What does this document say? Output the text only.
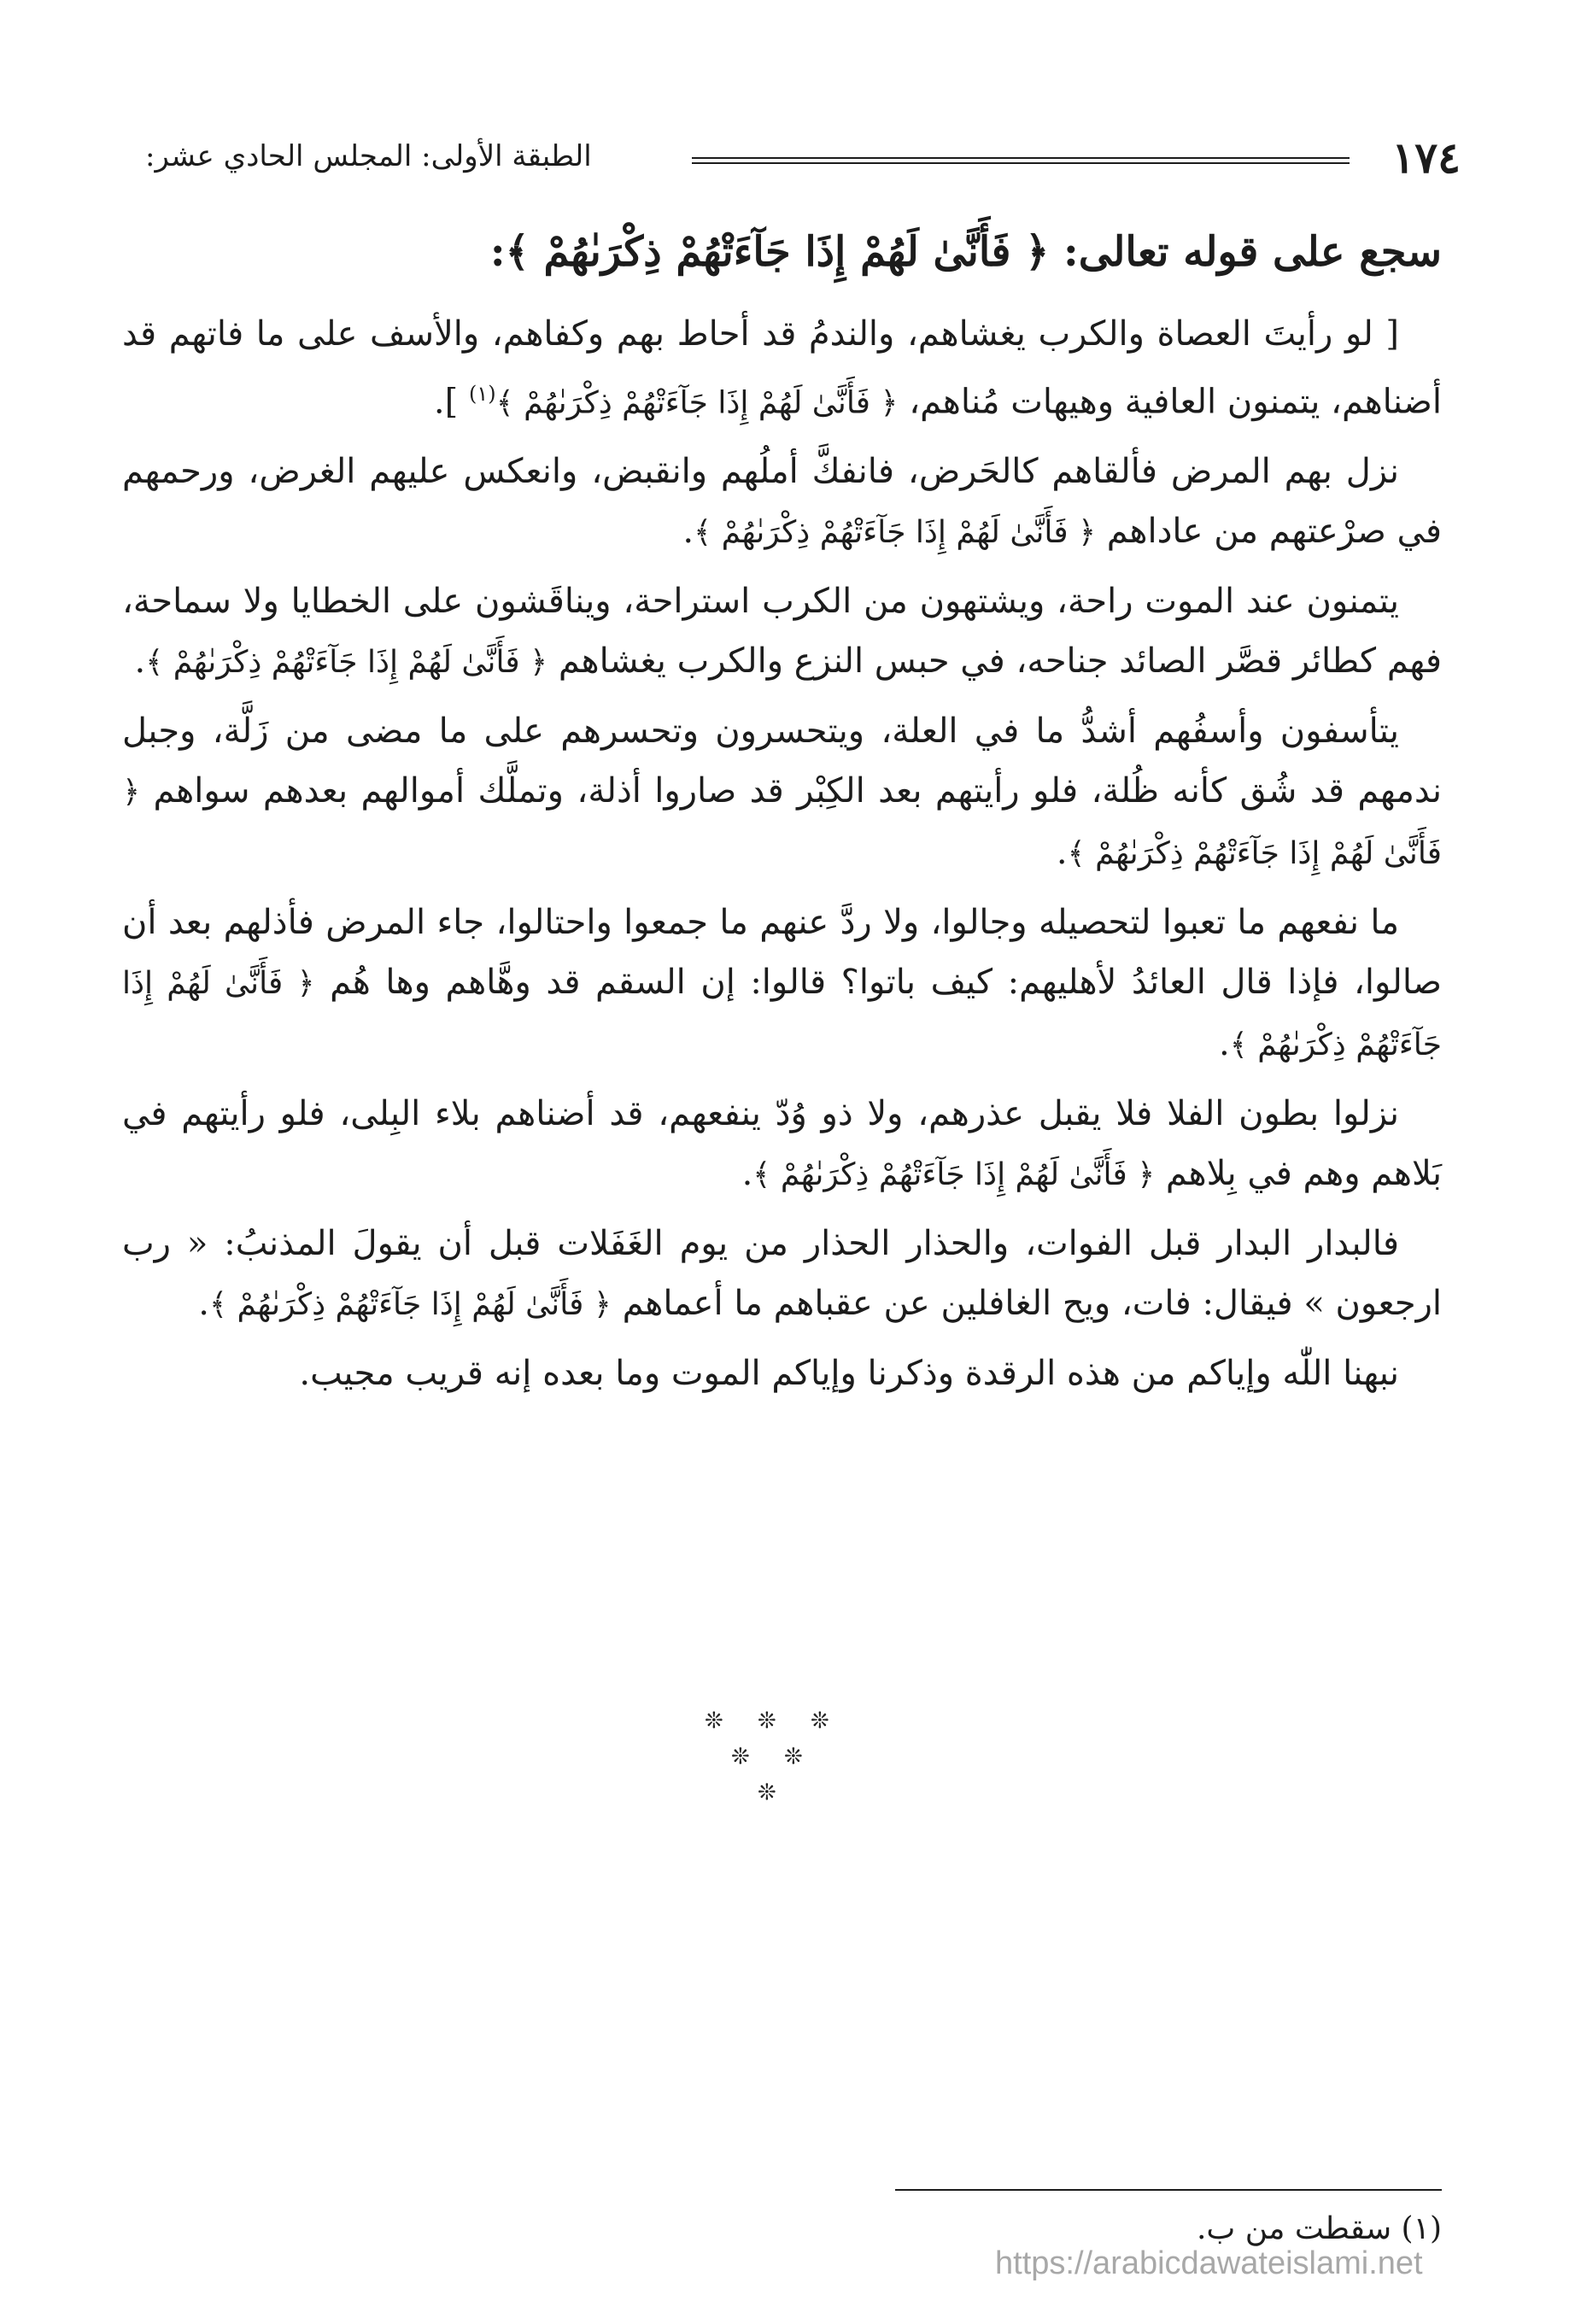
١٧٤
الطبقة الأولى: المجلس الحادي عشر:
سجع على قوله تعالى: ﴿ فَأَنَّىٰ لَهُمْ إِذَا جَآءَتْهُمْ ذِكْرَىٰهُمْ ﴾:

[ لو رأيتَ العصاة والكرب يغشاهم، والندمُ قد أحاط بهم وكفاهم، والأسف على ما فاتهم قد أضناهم، يتمنون العافية وهيهات مُناهم، ﴿ فَأَنَّىٰ لَهُمْ إِذَا جَآءَتْهُمْ ذِكْرَىٰهُمْ ﴾$^{(١)}$ ].

نزل بهم المرض فألقاهم كالحَرض، فانفكَّ أملُهم وانقبض، وانعكس عليهم الغرض، ورحمهم في صرْعتهم من عاداهم ﴿ فَأَنَّىٰ لَهُمْ إِذَا جَآءَتْهُمْ ذِكْرَىٰهُمْ ﴾.

يتمنون عند الموت راحة، ويشتهون من الكرب استراحة، ويناقَشون على الخطايا ولا سماحة، فهم كطائر قصَّر الصائد جناحه، في حبس النزع والكرب يغشاهم ﴿ فَأَنَّىٰ لَهُمْ إِذَا جَآءَتْهُمْ ذِكْرَىٰهُمْ ﴾.

يتأسفون وأسفُهم أشدُّ ما في العلة، ويتحسرون وتحسرهم على ما مضى من زَلَّة، وجبل ندمهم قد شُق كأنه ظُلة، فلو رأيتهم بعد الكِبْر قد صاروا أذلة، وتملَّك أموالهم بعدهم سواهم ﴿ فَأَنَّىٰ لَهُمْ إِذَا جَآءَتْهُمْ ذِكْرَىٰهُمْ ﴾.

ما نفعهم ما تعبوا لتحصيله وجالوا، ولا ردَّ عنهم ما جمعوا واحتالوا، جاء المرض فأذلهم بعد أن صالوا، فإذا قال العائدُ لأهليهم: كيف باتوا؟ قالوا: إن السقم قد وهَّاهم وها هُم ﴿ فَأَنَّىٰ لَهُمْ إِذَا جَآءَتْهُمْ ذِكْرَىٰهُمْ ﴾.

نزلوا بطون الفلا فلا يقبل عذرهم، ولا ذو وُدّ ينفعهم، قد أضناهم بلاء البِلى، فلو رأيتهم في بَلاهم وهم في بِلاهم ﴿ فَأَنَّىٰ لَهُمْ إِذَا جَآءَتْهُمْ ذِكْرَىٰهُمْ ﴾.

فالبدار البدار قبل الفوات، والحذار الحذار من يوم الغَفَلات قبل أن يقولَ المذنبُ: « رب ارجعون » فيقال: فات، ويح الغافلين عن عقباهم ما أعماهم ﴿ فَأَنَّىٰ لَهُمْ إِذَا جَآءَتْهُمْ ذِكْرَىٰهُمْ ﴾.

نبهنا اللّٰه وإياكم من هذه الرقدة وذكرنا وإياكم الموت وما بعده إنه قريب مجيب.

❊ ❊ ❊
❊ ❊
❊
(١) سقطت من ب.
https://arabicdawateislami.net
